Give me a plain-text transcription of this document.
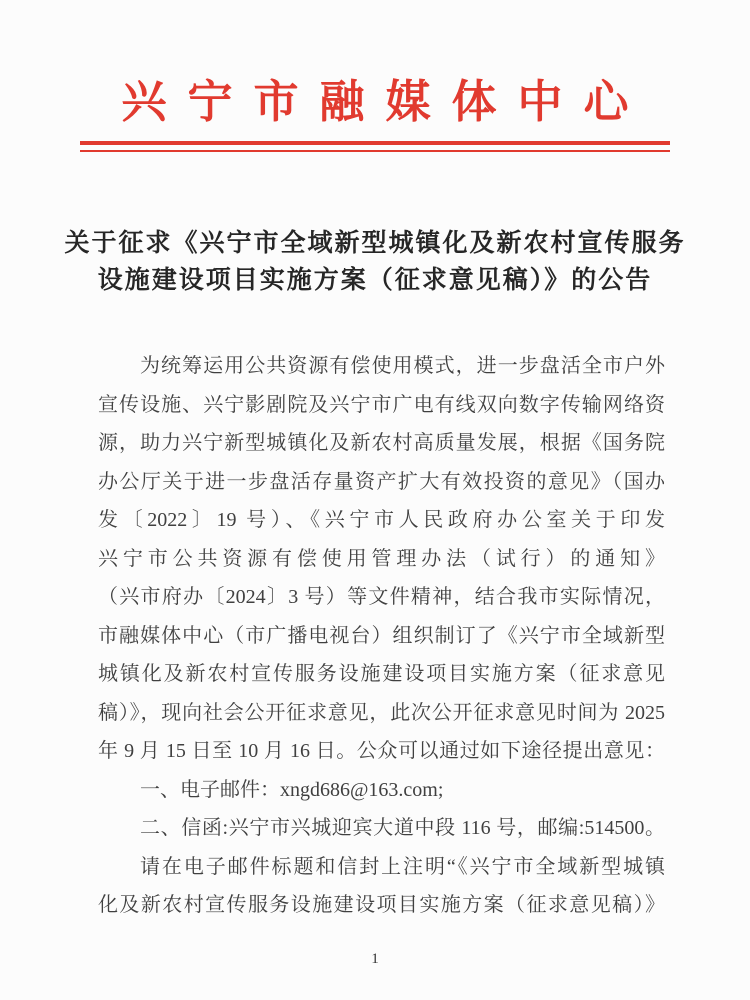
兴宁市融媒体中心
关于征求《兴宁市全域新型城镇化及新农村宣传服务
设施建设项目实施方案（征求意见稿）》的公告

为统筹运用公共资源有偿使用模式，进一步盘活全市户外

宣传设施、兴宁影剧院及兴宁市广电有线双向数字传输网络资

源，助力兴宁新型城镇化及新农村高质量发展，根据《国务院

办公厅关于进一步盘活存量资产扩大有效投资的意见》（国办

发〔2022〕19 号）、《兴宁市人民政府办公室关于印发

兴宁市公共资源有偿使用管理办法（试行）的通知》

（兴市府办〔2024〕3 号）等文件精神，结合我市实际情况，

市融媒体中心（市广播电视台）组织制订了《兴宁市全域新型

城镇化及新农村宣传服务设施建设项目实施方案（征求意见

稿）》，现向社会公开征求意见，此次公开征求意见时间为 2025

年 9 月 15 日至 10 月 16 日。公众可以通过如下途径提出意见：

一、电子邮件：xngd686@163.com;

二、信函:兴宁市兴城迎宾大道中段 116 号，邮编:514500。

请在电子邮件标题和信封上注明“《兴宁市全域新型城镇

化及新农村宣传服务设施建设项目实施方案（征求意见稿）》

1
